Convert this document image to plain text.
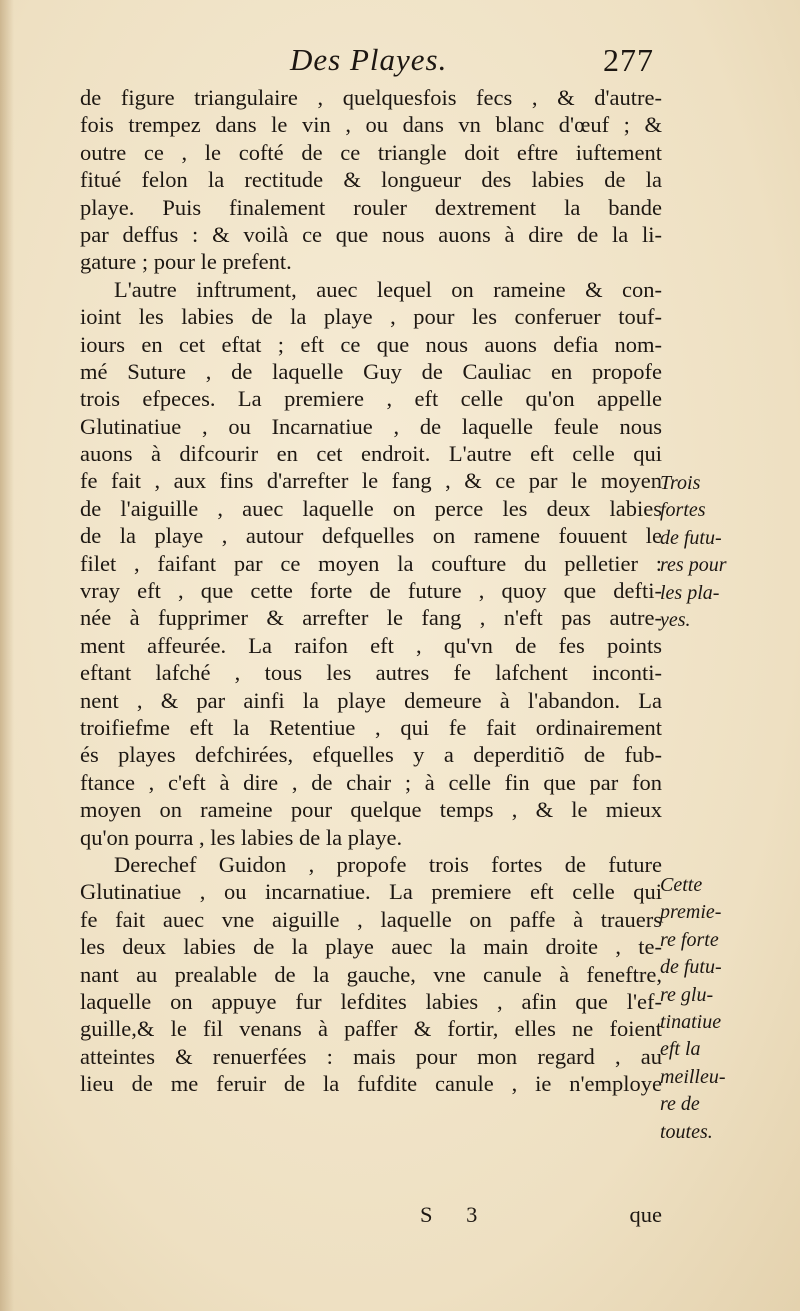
Des Playes.	277
de figure triangulaire , quelquesfois fecs , & d'autre-
fois trempez dans le vin , ou dans vn blanc d'œuf ; &
outre ce , le cofté de ce triangle doit eftre iuftement
fitué felon la rectitude & longueur des labies de la
playe. Puis finalement rouler dextrement la bande
par deffus : & voilà ce que nous auons à dire de la li-
gature ; pour le prefent.
L'autre inftrument, auec lequel on rameine & con-
ioint les labies de la playe , pour les conferuer touf-
iours en cet eftat ; eft ce que nous auons defia nom-
mé Suture , de laquelle Guy de Cauliac en propofe
trois efpeces. La premiere , eft celle qu'on appelle
Glutinatiue , ou Incarnatiue , de laquelle feule nous
auons à difcourir en cet endroit. L'autre eft celle qui
fe fait , aux fins d'arrefter le fang , & ce par le moyen
de l'aiguille , auec laquelle on perce les deux labies
de la playe , autour defquelles on ramene fouuent le
filet , faifant par ce moyen la coufture du pelletier :
vray eft , que cette forte de future , quoy que defti-
née à fupprimer & arrefter le fang , n'eft pas autre-
ment affeurée. La raifon eft , qu'vn de fes points
eftant lafché , tous les autres fe lafchent inconti-
nent , & par ainfi la playe demeure à l'abandon. La
troifiefme eft la Retentiue , qui fe fait ordinairement
és playes defchirées, efquelles y a deperditiõ de fub-
ftance , c'eft à dire , de chair ; à celle fin que par fon
moyen on rameine pour quelque temps , & le mieux
qu'on pourra , les labies de la playe.
Derechef Guidon , propofe trois fortes de future
Glutinatiue , ou incarnatiue. La premiere eft celle qui
fe fait auec vne aiguille , laquelle on paffe à trauers
les deux labies de la playe auec la main droite , te-
nant au prealable de la gauche, vne canule à feneftre,
laquelle on appuye fur lefdites labies , afin que l'ef-
guille,& le fil venans à paffer & fortir, elles ne foient
atteintes & renuerfées : mais pour mon regard , au
lieu de me feruir de la fufdite canule , ie n'employe
Trois
fortes
de futu-
res pour
les pla-
yes.
Cette
premie-
re forte
de futu-
re glu-
tinatiue
eft la
meilleu-
re de
toutes.
S 3	que
